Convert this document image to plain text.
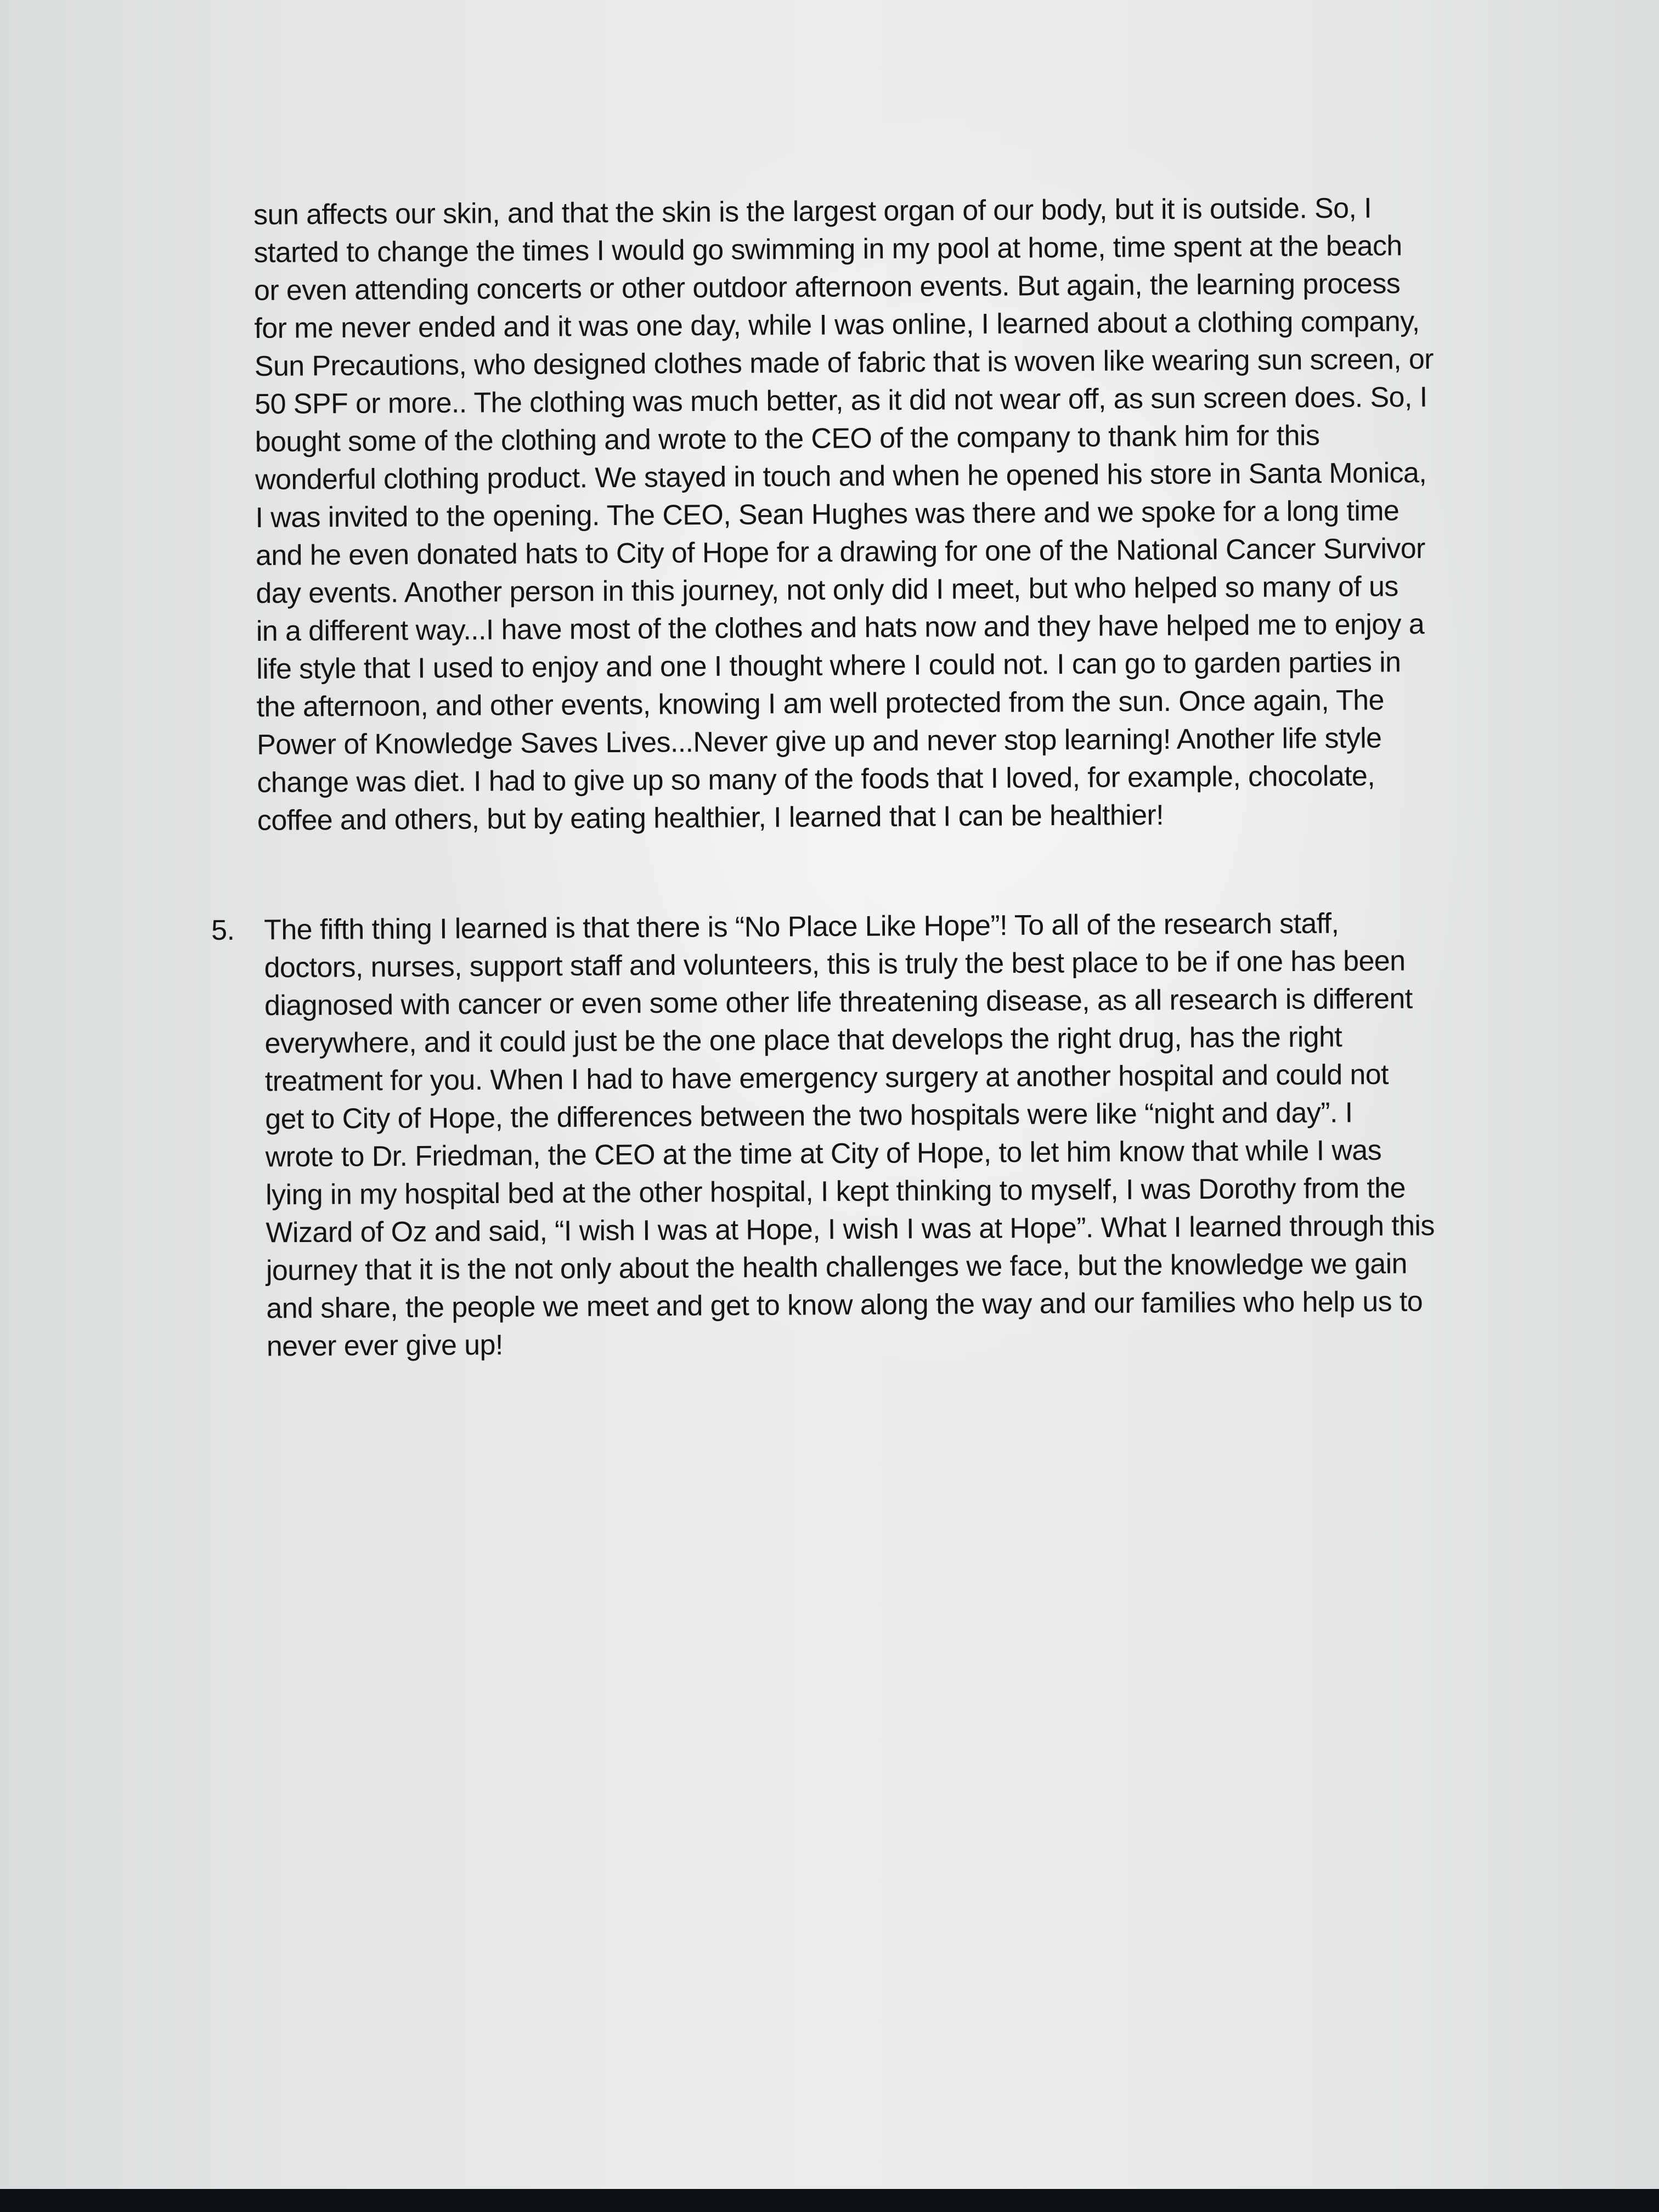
sun affects our skin, and that the skin is the largest organ of our body, but it is outside. So, I
started to change the times I would go swimming in my pool at home, time spent at the beach
or even attending concerts or other outdoor afternoon events. But again, the learning process
for me never ended and it was one day, while I was online, I learned about a clothing company,
Sun Precautions, who designed clothes made of fabric that is woven like wearing sun screen, or
50 SPF or more.. The clothing was much better, as it did not wear off, as sun screen does. So, I
bought some of the clothing and wrote to the CEO of the company to thank him for this
wonderful clothing product. We stayed in touch and when he opened his store in Santa Monica,
I was invited to the opening. The CEO, Sean Hughes was there and we spoke for a long time
and he even donated hats to City of Hope for a drawing for one of the National Cancer Survivor
day events. Another person in this journey, not only did I meet, but who helped so many of us
in a different way...I have most of the clothes and hats now and they have helped me to enjoy a
life style that I used to enjoy and one I thought where I could not. I can go to garden parties in
the afternoon, and other events, knowing I am well protected from the sun. Once again, The
Power of Knowledge Saves Lives...Never give up and never stop learning! Another life style
change was diet. I had to give up so many of the foods that I loved, for example, chocolate,
coffee and others, but by eating healthier, I learned that I can be healthier!
5.	The fifth thing I learned is that there is “No Place Like Hope”! To all of the research staff,
doctors, nurses, support staff and volunteers, this is truly the best place to be if one has been
diagnosed with cancer or even some other life threatening disease, as all research is different
everywhere, and it could just be the one place that develops the right drug, has the right
treatment for you. When I had to have emergency surgery at another hospital and could not
get to City of Hope, the differences between the two hospitals were like “night and day”. I
wrote to Dr. Friedman, the CEO at the time at City of Hope, to let him know that while I was
lying in my hospital bed at the other hospital, I kept thinking to myself, I was Dorothy from the
Wizard of Oz and said, “I wish I was at Hope, I wish I was at Hope”. What I learned through this
journey that it is the not only about the health challenges we face, but the knowledge we gain
and share, the people we meet and get to know along the way and our families who help us to
never ever give up!
